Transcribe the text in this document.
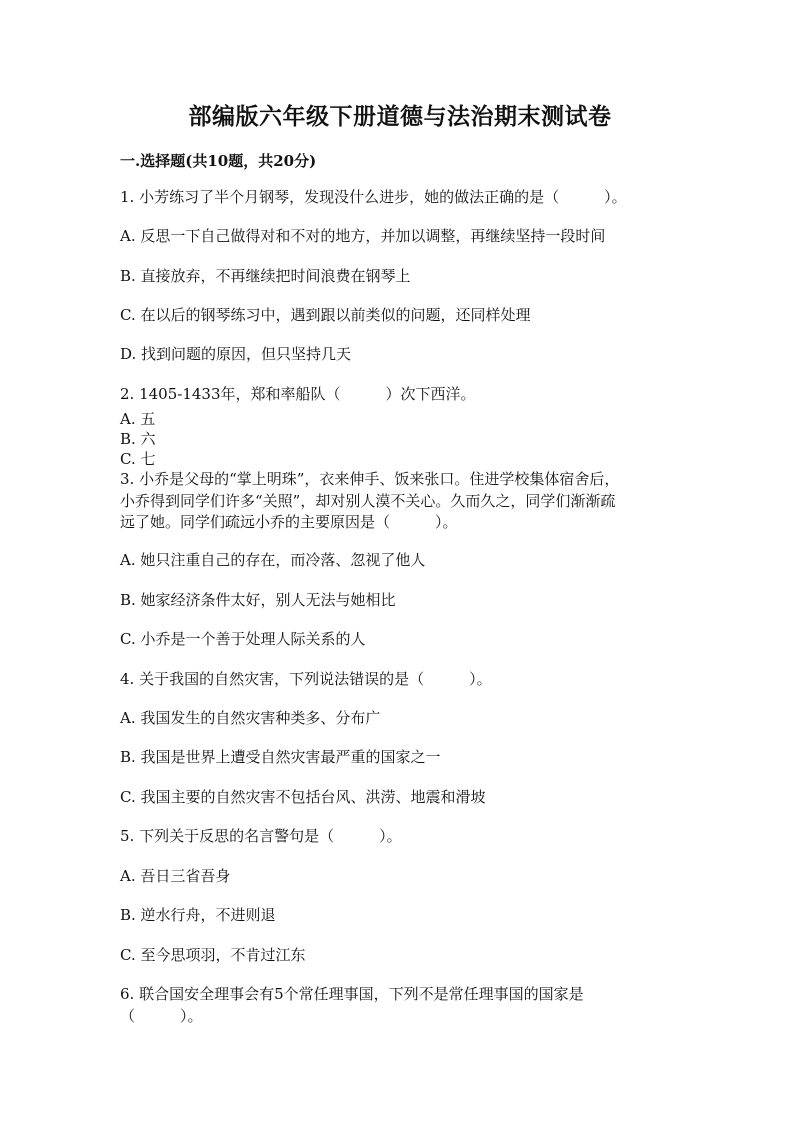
部编版六年级下册道德与法治期末测试卷
一.选择题(共10题，共20分)
1. 小芳练习了半个月钢琴，发现没什么进步，她的做法正确的是（　　　）。
A. 反思一下自己做得对和不对的地方，并加以调整，再继续坚持一段时间
B. 直接放弃，不再继续把时间浪费在钢琴上
C. 在以后的钢琴练习中，遇到跟以前类似的问题，还同样处理
D. 找到问题的原因，但只坚持几天
2. 1405-1433年，郑和率船队（　　　）次下西洋。
A. 五
B. 六
C. 七
3. 小乔是父母的“掌上明珠”，衣来伸手、饭来张口。住进学校集体宿舍后，
小乔得到同学们许多“关照”，却对别人漠不关心。久而久之，同学们渐渐疏
远了她。同学们疏远小乔的主要原因是（　　　）。
A. 她只注重自己的存在，而冷落、忽视了他人
B. 她家经济条件太好，别人无法与她相比
C. 小乔是一个善于处理人际关系的人
4. 关于我国的自然灾害，下列说法错误的是（　　　）。
A. 我国发生的自然灾害种类多、分布广
B. 我国是世界上遭受自然灾害最严重的国家之一
C. 我国主要的自然灾害不包括台风、洪涝、地震和滑坡
5. 下列关于反思的名言警句是（　　　）。
A. 吾日三省吾身
B. 逆水行舟，不进则退
C. 至今思项羽，不肯过江东
6. 联合国安全理事会有5个常任理事国，下列不是常任理事国的国家是
（　　　）。
